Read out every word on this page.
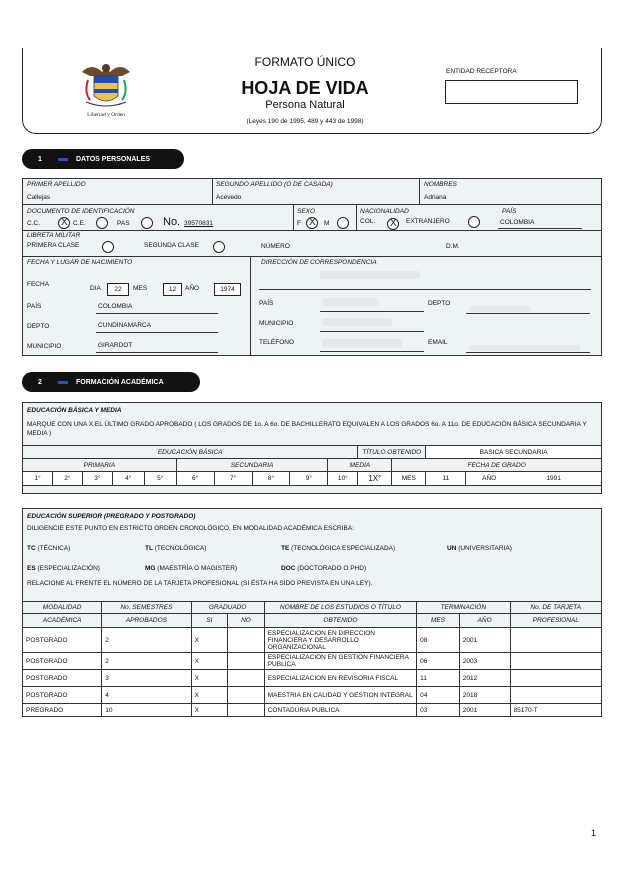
Libertad y Orden
FORMATO ÚNICO
HOJA DE VIDA
Persona Natural
(Leyes 190 de 1995, 489 y 443 de 1998)
ENTIDAD RECEPTORA
1	DATOS PERSONALES
PRIMER APELLIDO
Callejas
SEGUNDO APELLIDO (O DE CASADA)
Acevedo
NOMBRES
Adriana
DOCUMENTO DE IDENTIFICACIÓN
C.C. X C.E.	PAS	No. 39570831
SEXO
F X M
NACIONALIDAD
COL. X EXTRANJERO
PAÍS
COLOMBIA
LIBRETA MILITAR
PRIMERA CLASE	SEGUNDA CLASE	NÚMERO	D.M.
FECHA Y LUGAR DE NACIMIENTO
FECHA
DIA	22	MES	12	AÑO	1974
PAÍS	COLOMBIA
DEPTO	CUNDINAMARCA
MUNICIPIO	GIRARDOT
DIRECCIÓN DE CORRESPONDENCIA
PAÍS	DEPTO
MUNICIPIO
TELÉFONO	EMAIL
2	FORMACIÓN ACADÉMICA
EDUCACIÓN BÁSICA Y MEDIA
MARQUE CON UNA X EL ÚLTIMO GRADO APROBADO ( LOS GRADOS DE 1o. A 6o. DE BACHILLERATO EQUIVALEN A LOS GRADOS 6o. A 11o. DE EDUCACIÓN BÁSICA SECUNDARIA Y MEDIA )
EDUCACIÓN BÁSICA										TÍTULO OBTENIDO		BASICA SECUNDARIA	
PRIMARIA					SECUNDARIA				MEDIA		FECHA DE GRADO		
1°	2°	3°	4°	5°	6°	7°	8°	9°	10°	1X°	MES	11	AÑO 1991
EDUCACIÓN SUPERIOR (PREGRADO Y POSTGRADO)
DILIGENCIE ESTE PUNTO EN ESTRICTO ORDEN CRONOLÓGICO, EN MODALIDAD ACADÉMICA ESCRIBA:
TC (TÉCNICA)	TL (TECNOLÓGICA)	TE (TECNOLÓGICA ESPECIALIZADA)	UN (UNIVERSITARIA)
ES (ESPECIALIZACIÓN)	MG (MAESTRÍA O MAGISTER)	DOC (DOCTORADO O PHD)
RELACIONE AL FRENTE EL NÚMERO DE LA TARJETA PROFESIONAL (SI ÉSTA HA SIDO PREVISTA EN UNA LEY).
MODALIDAD	No. SEMESTRES	GRADUADO		NOMBRE DE LOS ESTUDIOS O TÍTULO	TERMINACIÓN		No. DE TARJETA
ACADÉMICA	APROBADOS	SI	NO	OBTENIDO	MES	AÑO	PROFESIONAL
POSTGRADO	2	X		ESPECIALIZACION EN DIRECCION FINANCIERA Y DESARROLLO ORGANIZACIONAL	08	2001	
POSTGRADO	2	X		ESPECIALIZACION EN GESTION FINANCIERA PUBLICA	06	2003	
POSTGRADO	3	X		ESPECIALIZACION EN REVISORIA FISCAL	11	2012	
POSTGRADO	4	X		MAESTRIA EN CALIDAD Y GESTION INTEGRAL	04	2018	
PREGRADO	10	X		CONTADURIA PUBLICA	03	2001	85170-T
1
